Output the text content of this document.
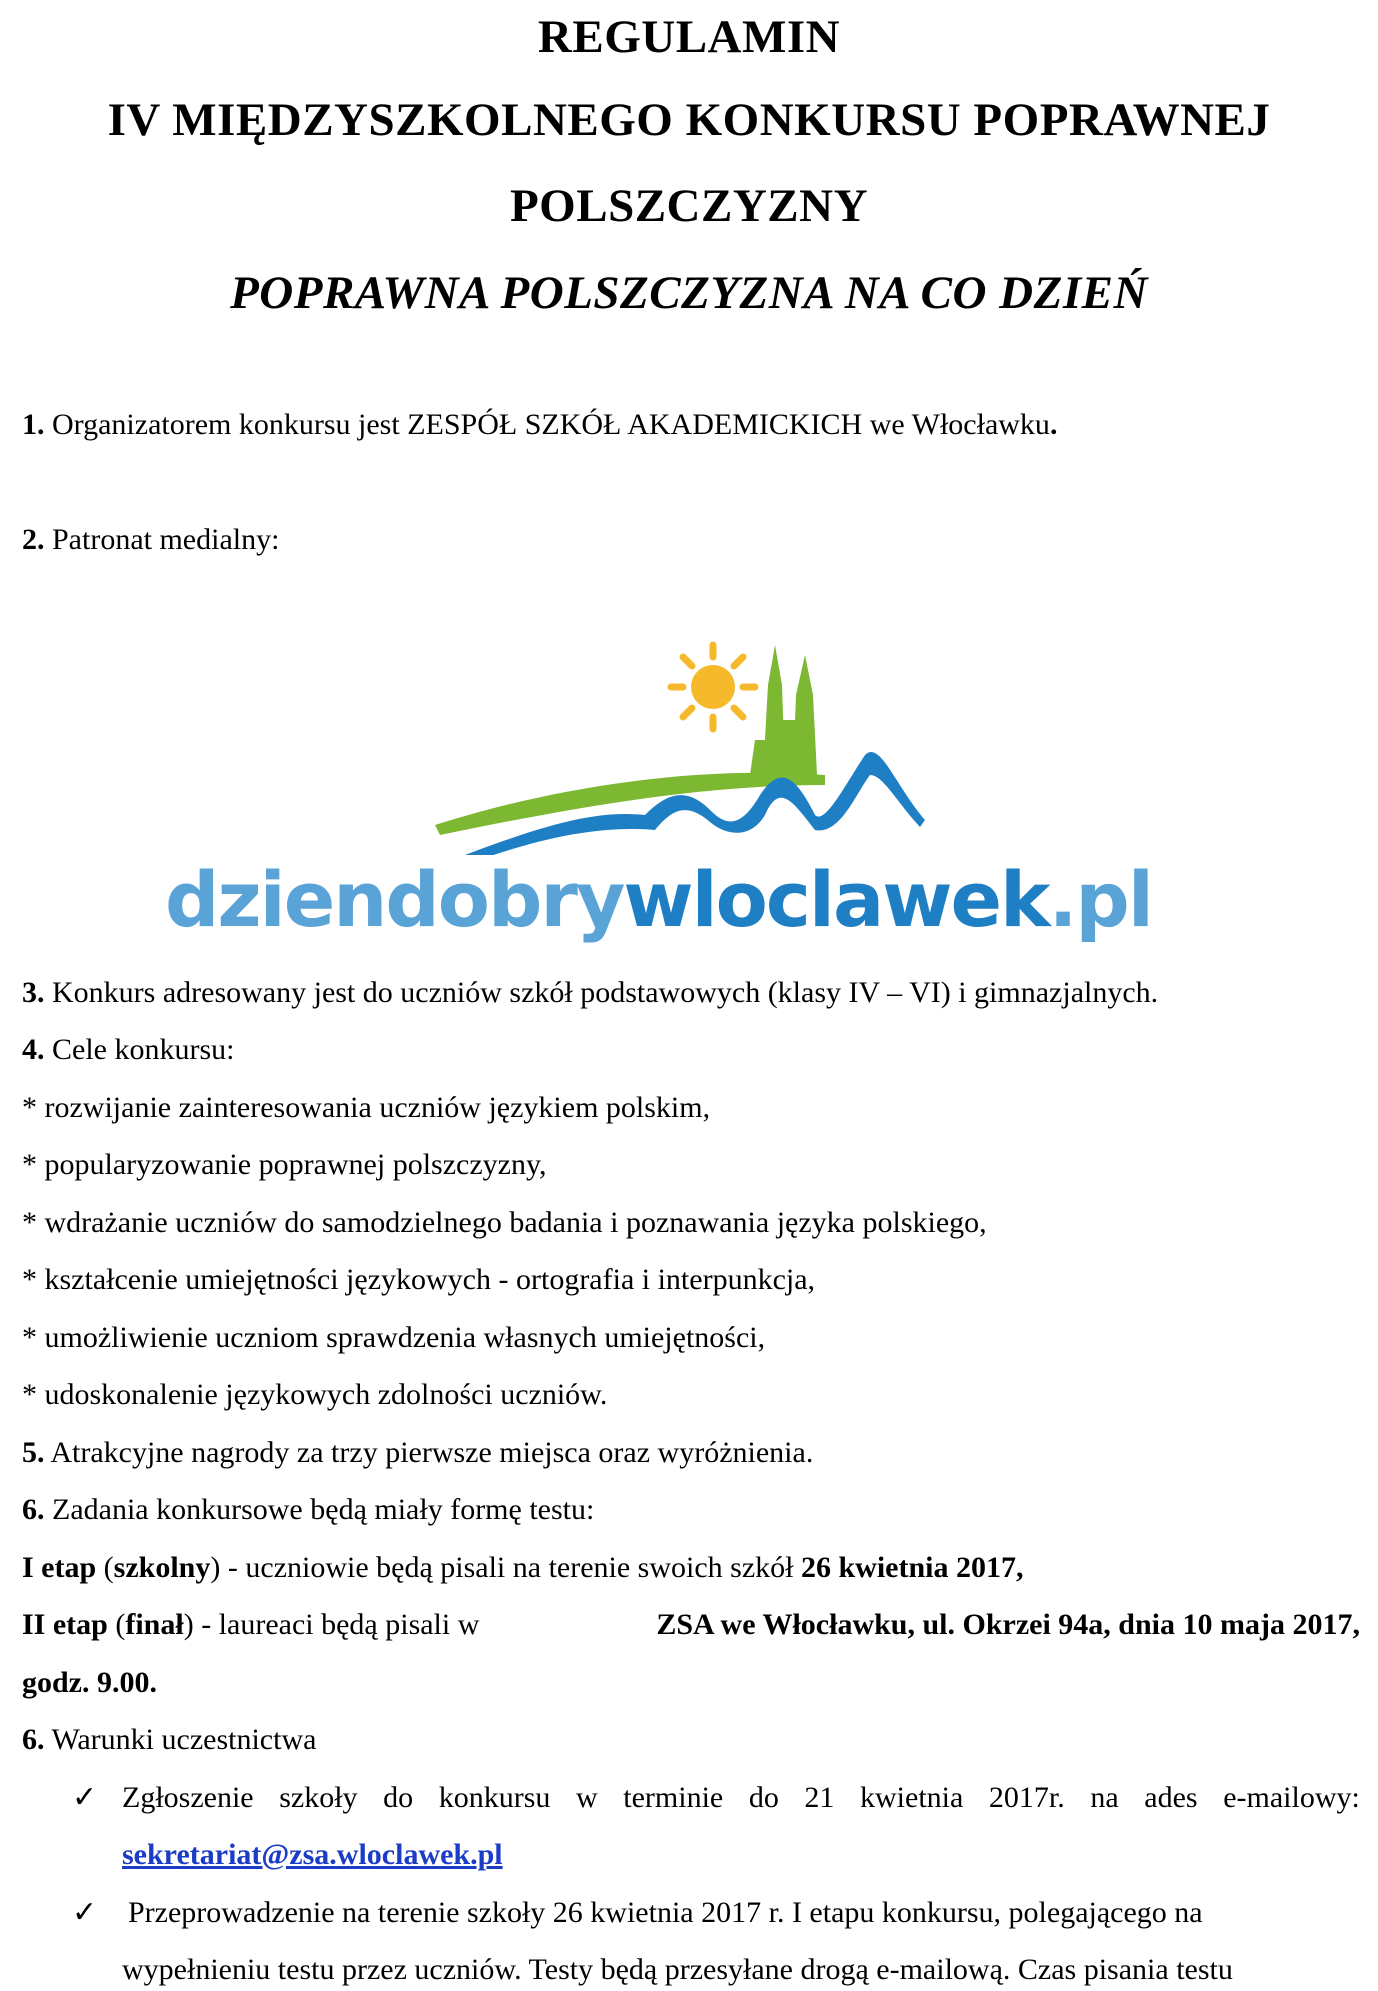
REGULAMIN
IV MIĘDZYSZKOLNEGO KONKURSU POPRAWNEJ
POLSZCZYZNY
POPRAWNA POLSZCZYZNA NA CO DZIEŃ
1. Organizatorem konkursu jest ZESPÓŁ SZKÓŁ AKADEMICKICH we Włocławku.
2. Patronat medialny:
dziendobrywloclawek.pl
3. Konkurs adresowany jest do uczniów szkół podstawowych (klasy IV – VI) i gimnazjalnych.
4. Cele konkursu:
* rozwijanie zainteresowania uczniów językiem polskim,
* popularyzowanie poprawnej polszczyzny,
* wdrażanie uczniów do samodzielnego badania i poznawania języka polskiego,
* kształcenie umiejętności językowych - ortografia i interpunkcja,
* umożliwienie uczniom sprawdzenia własnych umiejętności,
* udoskonalenie językowych zdolności uczniów.
5. Atrakcyjne nagrody za trzy pierwsze miejsca oraz wyróżnienia.
6. Zadania konkursowe będą miały formę testu:
I etap (szkolny) - uczniowie będą pisali na terenie swoich szkół 26 kwietnia 2017,
II etap (finał) - laureaci będą pisali w	ZSA we Włocławku, ul. Okrzei 94a, dnia 10 maja 2017,
godz. 9.00.
6. Warunki uczestnictwa
✓ Zgłoszenie szkoły do konkursu w terminie do 21 kwietnia 2017r. na ades e-mailowy:
sekretariat@zsa.wloclawek.pl
✓ Przeprowadzenie na terenie szkoły 26 kwietnia 2017 r. I etapu konkursu, polegającego na
wypełnieniu testu przez uczniów. Testy będą przesyłane drogą e-mailową. Czas pisania testu
